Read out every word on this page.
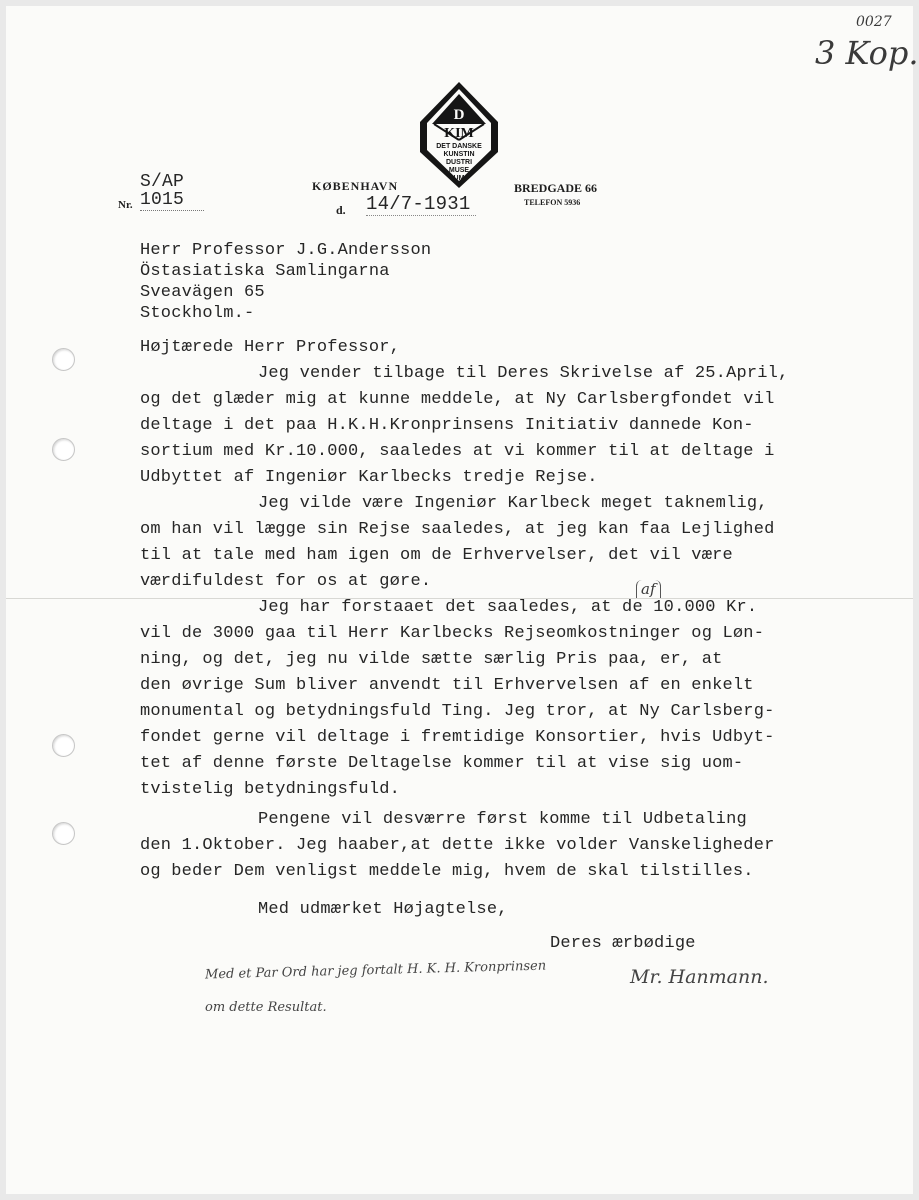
0027
3 Kop.
D
KIM
DET DANSKE
KUNSTIN
DUSTRI
MUSE
UM
S/AP
Nr. 1015
KØBENHAVN
d. 14/7-1931
BREDGADE 66
TELEFON 5936
Herr Professor J.G.Andersson
Östasiatiska Samlingarna
Sveavägen 65
Stockholm.-
Højtærede Herr Professor,
Jeg vender tilbage til Deres Skrivelse af 25.April,
og det glæder mig at kunne meddele, at Ny Carlsbergfondet vil
deltage i det paa H.K.H.Kronprinsens Initiativ dannede Kon-
sortium med Kr.10.000, saaledes at vi kommer til at deltage i
Udbyttet af Ingeniør Karlbecks tredje Rejse.
Jeg vilde være Ingeniør Karlbeck meget taknemlig,
om han vil lægge sin Rejse saaledes, at jeg kan faa Lejlighed
til at tale med ham igen om de Erhvervelser, det vil være
værdifuldest for os at gøre.
Jeg har forstaaet det saaledes, at de 10.000 Kr.
vil de 3000 gaa til Herr Karlbecks Rejseomkostninger og Løn-
ning, og det, jeg nu vilde sætte særlig Pris paa, er, at
den øvrige Sum bliver anvendt til Erhvervelsen af en enkelt
monumental og betydningsfuld Ting. Jeg tror, at Ny Carlsberg-
fondet gerne vil deltage i fremtidige Konsortier, hvis Udbyt-
tet af denne første Deltagelse kommer til at vise sig uom-
tvistelig betydningsfuld.
Pengene vil desværre først komme til Udbetaling
den 1.Oktober. Jeg haaber,at dette ikke volder Vanskeligheder
og beder Dem venligst meddele mig, hvem de skal tilstilles.
af
Med udmærket Højagtelse,
Deres ærbødige
Med et Par Ord har jeg fortalt H. K. H. Kronprinsen
om dette Resultat.
Mr. Hanmann.
